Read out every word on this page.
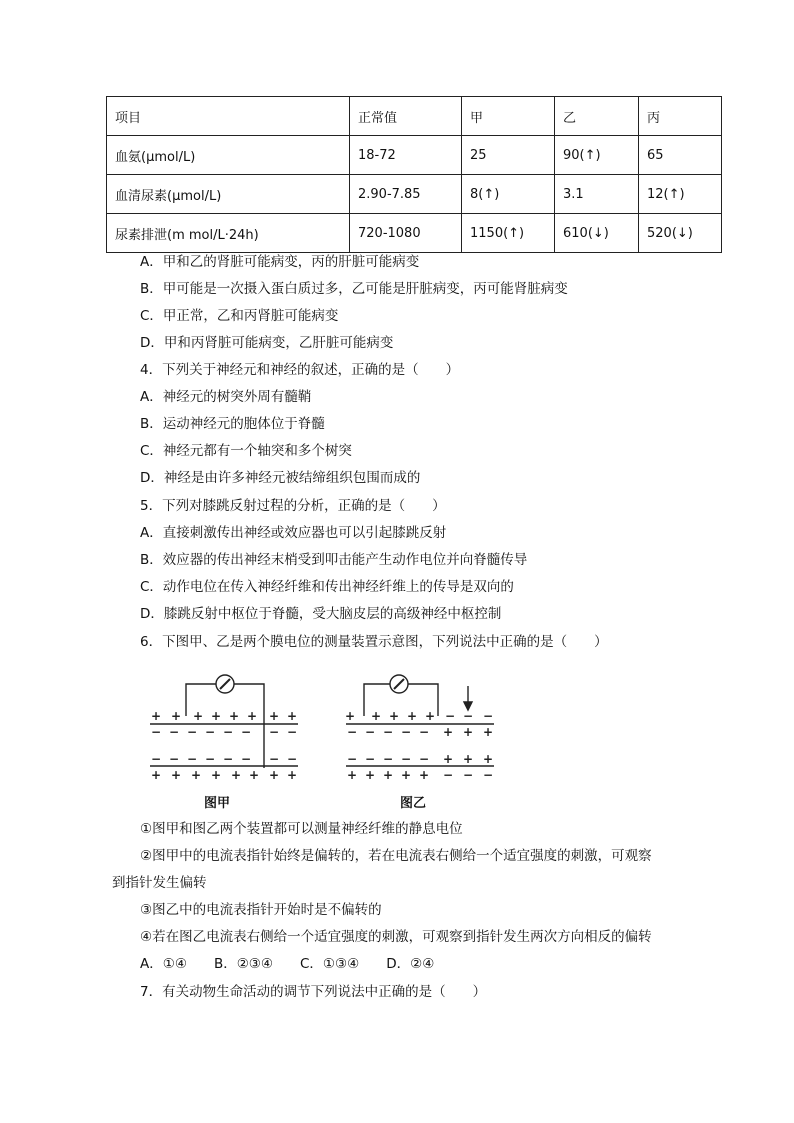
项目	正常值	甲	乙	丙
血氨(μmol/L)	18-72	25	90(↑)	65
血清尿素(μmol/L)	2.90-7.85	8(↑)	3.1	12(↑)
尿素排泄(m mol/L·24h)	720-1080	1150(↑)	610(↓)	520(↓)
A．甲和乙的肾脏可能病变，丙的肝脏可能病变
B．甲可能是一次摄入蛋白质过多，乙可能是肝脏病变，丙可能肾脏病变
C．甲正常，乙和丙肾脏可能病变
D．甲和丙肾脏可能病变，乙肝脏可能病变
4．下列关于神经元和神经的叙述，正确的是（　　）
A．神经元的树突外周有髓鞘
B．运动神经元的胞体位于脊髓
C．神经元都有一个轴突和多个树突
D．神经是由许多神经元被结缔组织包围而成的
5．下列对膝跳反射过程的分析，正确的是（　　）
A．直接刺激传出神经或效应器也可以引起膝跳反射
B．效应器的传出神经末梢受到叩击能产生动作电位并向脊髓传导
C．动作电位在传入神经纤维和传出神经纤维上的传导是双向的
D．膝跳反射中枢位于脊髓，受大脑皮层的高级神经中枢控制
6．下图甲、乙是两个膜电位的测量装置示意图，下列说法中正确的是（　　）
+ + + + + + + +
− − − − − − − −
− − − − − − − −
+ + + + + + + +
图甲
+ + + + + − − −
− − − − − + + +
− − − − − + + +
+ + + + + − − −
图乙
①图甲和图乙两个装置都可以测量神经纤维的静息电位
②图甲中的电流表指针始终是偏转的，若在电流表右侧给一个适宜强度的刺激，可观察
到指针发生偏转
③图乙中的电流表指针开始时是不偏转的
④若在图乙电流表右侧给一个适宜强度的刺激，可观察到指针发生两次方向相反的偏转
A．①④　　B．②③④　　C．①③④　　D．②④
7．有关动物生命活动的调节下列说法中正确的是（　　）
